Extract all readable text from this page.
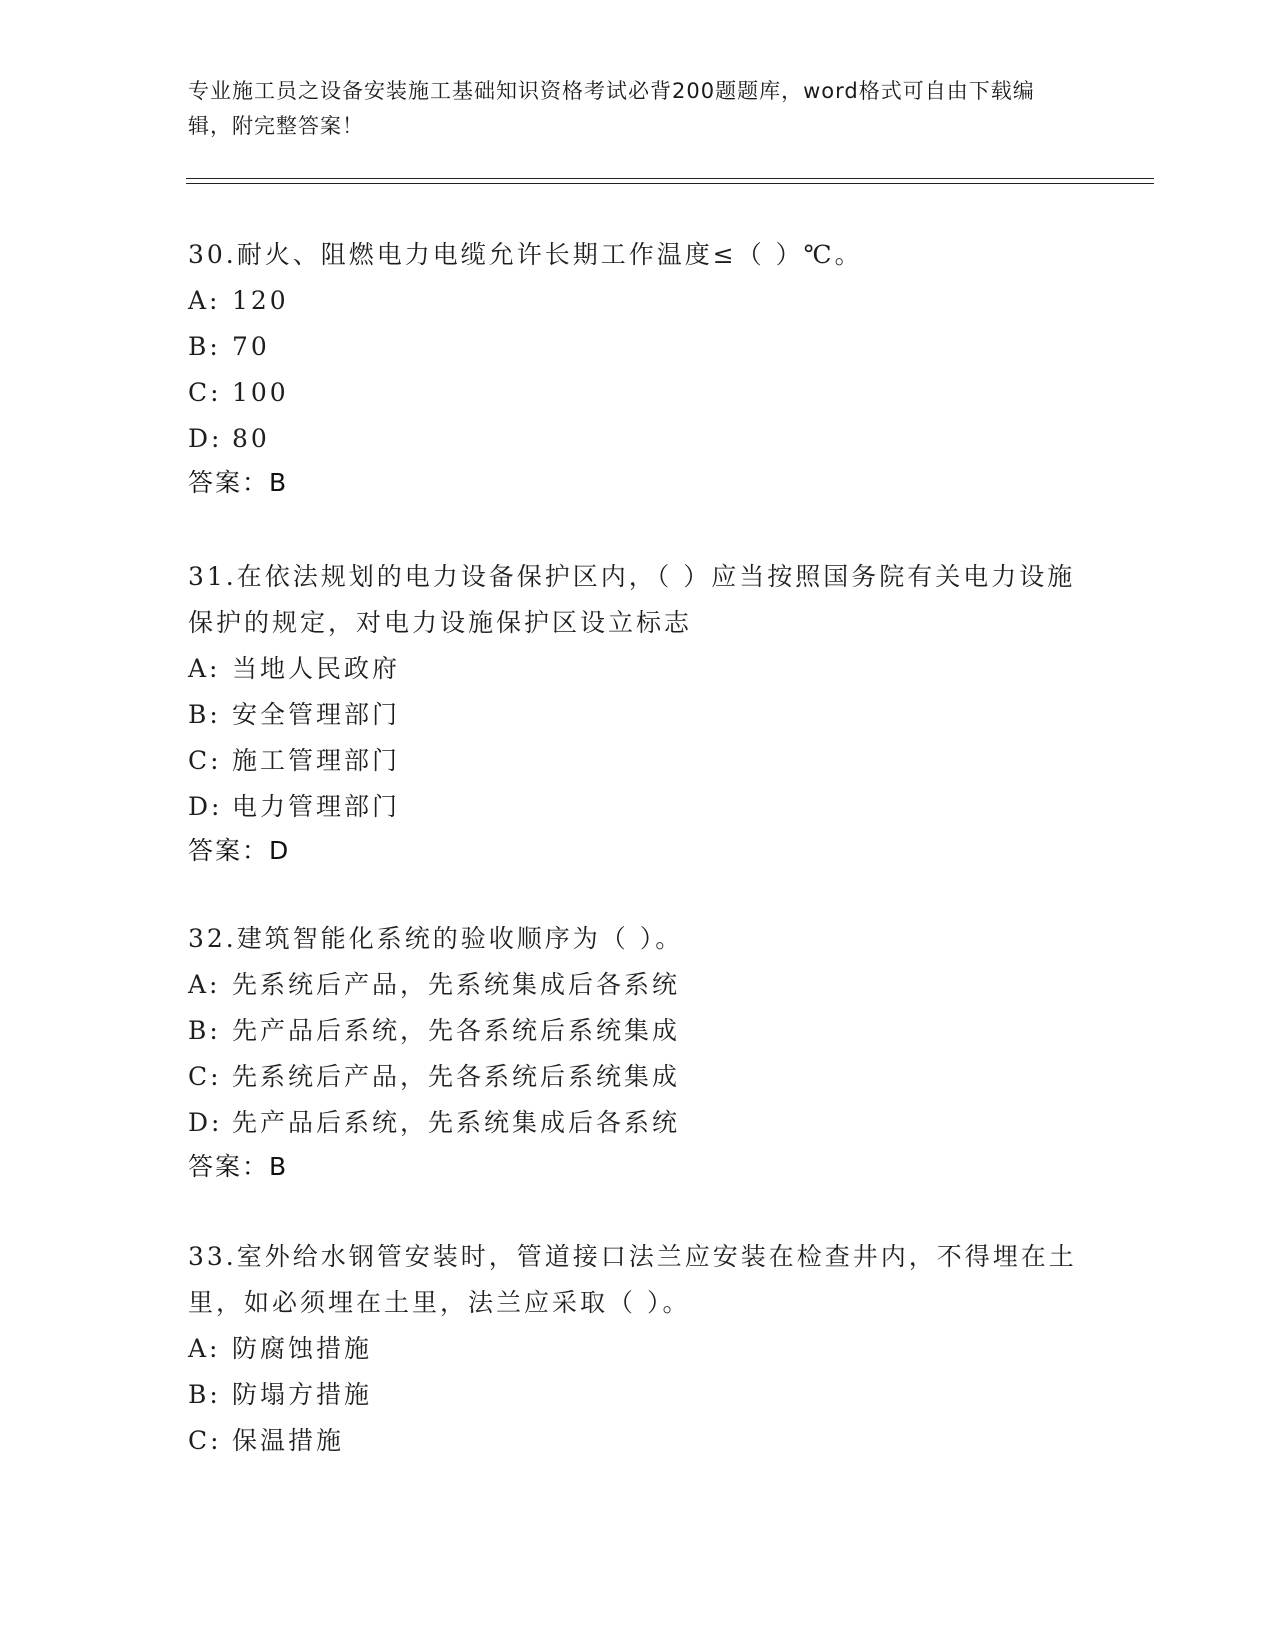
专业施工员之设备安装施工基础知识资格考试必背200题题库，word格式可自由下载编辑，附完整答案！
30.耐火、阻燃电力电缆允许长期工作温度≤（ ）℃。
A: 120
B: 70
C: 100
D: 80
答案：B
31.在依法规划的电力设备保护区内，（ ）应当按照国务院有关电力设施保护的规定，对电力设施保护区设立标志
A: 当地人民政府
B: 安全管理部门
C: 施工管理部门
D: 电力管理部门
答案：D
32.建筑智能化系统的验收顺序为（ ）。
A: 先系统后产品，先系统集成后各系统
B: 先产品后系统，先各系统后系统集成
C: 先系统后产品，先各系统后系统集成
D: 先产品后系统，先系统集成后各系统
答案：B
33.室外给水钢管安装时，管道接口法兰应安装在检查井内，不得埋在土里，如必须埋在土里，法兰应采取（ ）。
A: 防腐蚀措施
B: 防塌方措施
C: 保温措施
